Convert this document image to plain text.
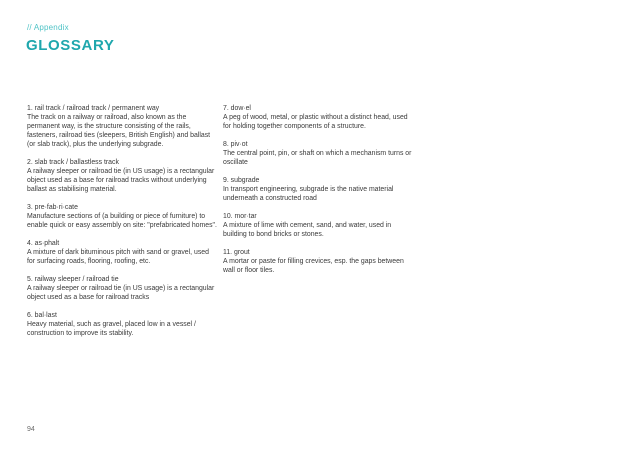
// Appendix
GLOSSARY
1. rail track / railroad track / permanent way
The track on a railway or railroad, also known as the permanent way, is the structure consisting of the rails, fasteners, railroad ties (sleepers, British English) and ballast (or slab track), plus the underlying subgrade.
2. slab track / ballastless track
A railway sleeper or railroad tie (in US usage) is a rectangular object used as a base for railroad tracks without underlying ballast as stabilising material.
3. pre·fab·ri·cate
Manufacture sections of (a building or piece of furniture) to enable quick or easy assembly on site: "prefabricated homes".
4. as·phalt
A mixture of dark bituminous pitch with sand or gravel, used for surfacing roads, flooring, roofing, etc.
5. railway sleeper / railroad tie
A railway sleeper or railroad tie (in US usage) is a rectangular object used as a base for railroad tracks
6. bal·last
Heavy material, such as gravel, placed low in a vessel / construction to improve its stability.
7. dow·el
A peg of wood, metal, or plastic without a distinct head, used for holding together components of a structure.
8. piv·ot
The central point, pin, or shaft on which a mechanism turns or oscillate
9. subgrade
In transport engineering, subgrade is the native material underneath a constructed road
10. mor·tar
A mixture of lime with cement, sand, and water, used in building to bond bricks or stones.
11. grout
A mortar or paste for filling crevices, esp. the gaps between wall or floor tiles.
94
